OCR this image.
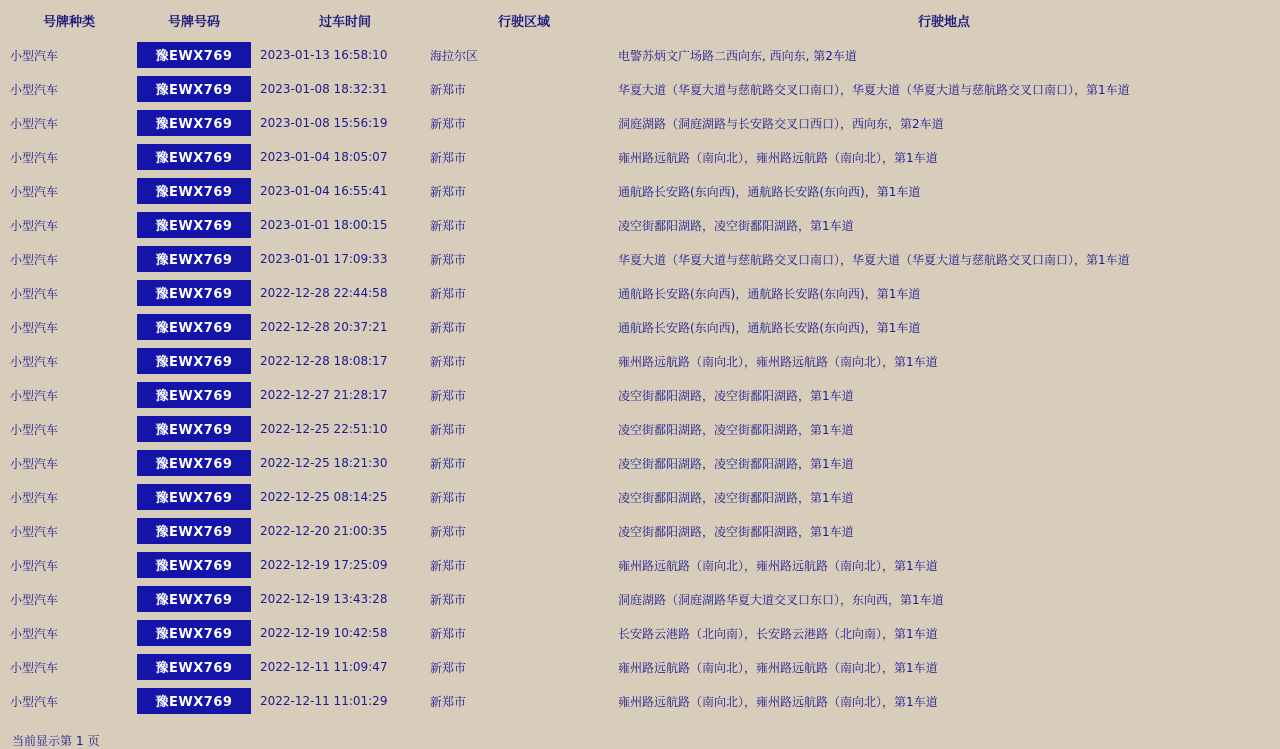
号牌种类	号牌号码	过车时间	行驶区域	行驶地点
小型汽车	豫EWX769	2023-01-13 16:58:10	海拉尔区	电警苏炳文广场路二西向东, 西向东, 第2车道
小型汽车	豫EWX769	2023-01-08 18:32:31	新郑市	华夏大道（华夏大道与慈航路交叉口南口），华夏大道（华夏大道与慈航路交叉口南口），第1车道
小型汽车	豫EWX769	2023-01-08 15:56:19	新郑市	洞庭湖路（洞庭湖路与长安路交叉口西口），西向东，第2车道
小型汽车	豫EWX769	2023-01-04 18:05:07	新郑市	雍州路远航路（南向北），雍州路远航路（南向北），第1车道
小型汽车	豫EWX769	2023-01-04 16:55:41	新郑市	通航路长安路(东向西)，通航路长安路(东向西)，第1车道
小型汽车	豫EWX769	2023-01-01 18:00:15	新郑市	凌空街鄱阳湖路，凌空街鄱阳湖路，第1车道
小型汽车	豫EWX769	2023-01-01 17:09:33	新郑市	华夏大道（华夏大道与慈航路交叉口南口），华夏大道（华夏大道与慈航路交叉口南口），第1车道
小型汽车	豫EWX769	2022-12-28 22:44:58	新郑市	通航路长安路(东向西)，通航路长安路(东向西)，第1车道
小型汽车	豫EWX769	2022-12-28 20:37:21	新郑市	通航路长安路(东向西)，通航路长安路(东向西)，第1车道
小型汽车	豫EWX769	2022-12-28 18:08:17	新郑市	雍州路远航路（南向北），雍州路远航路（南向北），第1车道
小型汽车	豫EWX769	2022-12-27 21:28:17	新郑市	凌空街鄱阳湖路，凌空街鄱阳湖路，第1车道
小型汽车	豫EWX769	2022-12-25 22:51:10	新郑市	凌空街鄱阳湖路，凌空街鄱阳湖路，第1车道
小型汽车	豫EWX769	2022-12-25 18:21:30	新郑市	凌空街鄱阳湖路，凌空街鄱阳湖路，第1车道
小型汽车	豫EWX769	2022-12-25 08:14:25	新郑市	凌空街鄱阳湖路，凌空街鄱阳湖路，第1车道
小型汽车	豫EWX769	2022-12-20 21:00:35	新郑市	凌空街鄱阳湖路，凌空街鄱阳湖路，第1车道
小型汽车	豫EWX769	2022-12-19 17:25:09	新郑市	雍州路远航路（南向北），雍州路远航路（南向北），第1车道
小型汽车	豫EWX769	2022-12-19 13:43:28	新郑市	洞庭湖路（洞庭湖路华夏大道交叉口东口），东向西，第1车道
小型汽车	豫EWX769	2022-12-19 10:42:58	新郑市	长安路云港路（北向南），长安路云港路（北向南），第1车道
小型汽车	豫EWX769	2022-12-11 11:09:47	新郑市	雍州路远航路（南向北），雍州路远航路（南向北），第1车道
小型汽车	豫EWX769	2022-12-11 11:01:29	新郑市	雍州路远航路（南向北），雍州路远航路（南向北），第1车道
当前显示第 1 页
